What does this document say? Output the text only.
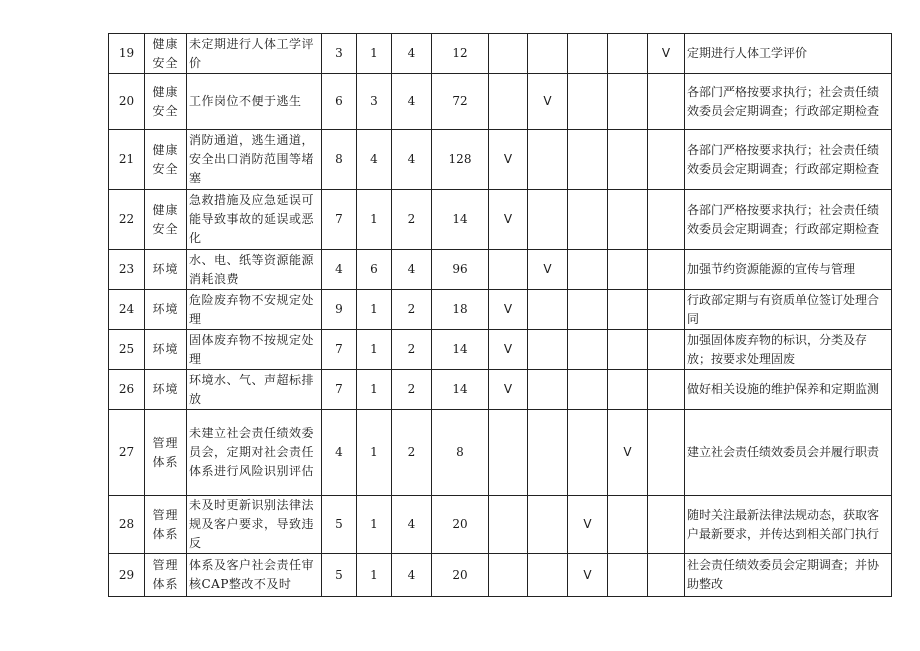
19	健康安全	未定期进行人体工学评价	3	1	4	12					V	定期进行人体工学评价
20	健康安全	工作岗位不便于逃生	6	3	4	72		V				各部门严格按要求执行；社会责任绩效委员会定期调查；行政部定期检查
21	健康安全	消防通道，逃生通道，安全出口消防范围等堵塞	8	4	4	128	V					各部门严格按要求执行；社会责任绩效委员会定期调查；行政部定期检查
22	健康安全	急救措施及应急延误可能导致事故的延误或恶化	7	1	2	14	V					各部门严格按要求执行；社会责任绩效委员会定期调查；行政部定期检查
23	环境	水、电、纸等资源能源消耗浪费	4	6	4	96		V				加强节约资源能源的宣传与管理
24	环境	危险废弃物不安规定处理	9	1	2	18	V					行政部定期与有资质单位签订处理合同
25	环境	固体废弃物不按规定处理	7	1	2	14	V					加强固体废弃物的标识，分类及存放；按要求处理固废
26	环境	环境水、气、声超标排放	7	1	2	14	V					做好相关设施的维护保养和定期监测
27	管理体系	未建立社会责任绩效委员会，定期对社会责任体系进行风险识别评估	4	1	2	8				V		建立社会责任绩效委员会并履行职责
28	管理体系	未及时更新识别法律法规及客户要求，导致违反	5	1	4	20			V			随时关注最新法律法规动态，获取客户最新要求，并传达到相关部门执行
29	管理体系	体系及客户社会责任审核CAP整改不及时	5	1	4	20			V			社会责任绩效委员会定期调查；并协助整改
